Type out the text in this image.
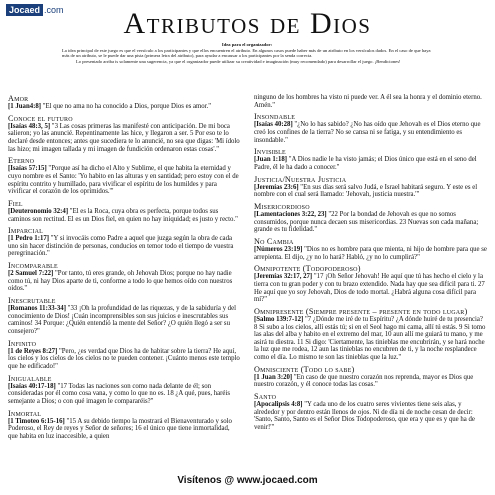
Jocaed .com	Atributos de Dios
Idea para el organizador:

La idea principal de este juego es que el versículo a los participantes y que ellos encuentren el atributo. En algunos casos puede haber más de un atributo en los versículos dados. En el caso de que haya más de un atributo, se le puede dar una pista (primera letra del atributo), para ayudar a encausar a los participantes por la senda correcta.

Lo presentado arriba is solamente una sugerencia, ya que el organizador puede utilizar su creatividad e imaginación (muy recomendado) para desarrollar el juego. ¡Bendiciones!

Amor
[1 Juan4:8] "El que no ama no ha conocido a Dios, porque Dios es amor."
Conoce el futuro
[Isaías 48:3, 5] "3 Las cosas primeras las manifesté con anticipación. De mi boca salieron; yo las anuncié. Repentinamente las hice, y llegaron a ser. 5 Por eso te lo declaré desde entonces; antes que sucediera te lo anuncié, no sea que digas: 'Mi ídolo las hizo; mi imagen tallada y mi imagen de fundición ordenaron estas cosas'."
Eterno
[Isaías 57:15] "Porque así ha dicho el Alto y Sublime, el que habita la eternidad y cuyo nombre es el Santo: 'Yo habito en las alturas y en santidad; pero estoy con el de espíritu contrito y humillado, para vivificar el espíritu de los humildes y para vivificar el corazón de los oprimidos.'"
Fiel
[Deuteronomio 32:4] "El es la Roca, cuya obra es perfecta, porque todos sus caminos son rectitud. El es un Dios fiel, en quien no hay iniquidad; es justo y recto."
Imparcial
[1 Pedro 1:17] "Y si invocáis como Padre a aquel que juzga según la obra de cada uno sin hacer distinción de personas, conducíos en temor todo el tiempo de vuestra peregrinación."
Incomparable
[2 Samuel 7:22] "Por tanto, tú eres grande, oh Jehovah Dios; porque no hay nadie como tú, ni hay Dios aparte de ti, conforme a todo lo que hemos oído con nuestros oídos."
Inescrutable
[Romanos 11:33-34] "33 ¡Oh la profundidad de las riquezas, y de la sabiduría y del conocimiento de Dios! ¡Cuán incomprensibles son sus juicios e inescrutables sus caminos! 34 Porque: ¿Quién entendió la mente del Señor? ¿O quién llegó a ser su consejero?"
Infinito
[1 de Reyes 8:27] "Pero, ¿es verdad que Dios ha de habitar sobre la tierra? He aquí, los cielos y los cielos de los cielos no te pueden contener. ¡Cuánto menos este templo que he edificado!"
Inigualable
[Isaías 40:17-18] "17 Todas las naciones son como nada delante de él; son consideradas por él como cosa vana, y como lo que no es. 18 ¿A qué, pues, haréis semejante a Dios; o con qué imagen le compararéis?"
Inmortal
[1 Timoteo 6:15-16] "15 A su debido tiempo la mostrará el Bienaventurado y solo Poderoso, el Rey de reyes y Señor de señores; 16 el único que tiene inmortalidad, que habita en luz inaccesible, a quien
ninguno de los hombres ha visto ni puede ver. A él sea la honra y el dominio eterno. Amén."
Insondable
[Isaías 40:28] "¿No lo has sabido? ¿No has oído que Jehovah es el Dios eterno que creó los confines de la tierra? No se cansa ni se fatiga, y su entendimiento es insondable."
Invisible
[Juan 1:18] "A Dios nadie le ha visto jamás; el Dios único que está en el seno del Padre, él le ha dado a conocer."
Justicia/Nuestra Justicia
[Jeremías 23:6] "En sus días será salvo Judá, e Israel habitará seguro. Y este es el nombre con el cual será llamado: 'Jehovah, justicia nuestra.'"
Misericordioso
[Lamentaciones 3:22, 23] "22 Por la bondad de Jehovah es que no somos consumidos, porque nunca decaen sus misericordias. 23 Nuevas son cada mañana; grande es tu fidelidad."
No Cambia
[Números 23:19] "Dios no es hombre para que mienta, ni hijo de hombre para que se arrepienta. El dijo, ¿y no lo hará? Habló, ¿y no lo cumplirá?"
Omnipotente (Todopoderoso)
[Jeremías 32:17, 27] "17 ¡Oh Señor Jehovah! He aquí que tú has hecho el cielo y la tierra con tu gran poder y con tu brazo extendido. Nada hay que sea difícil para ti. 27 He aquí que yo soy Jehovah, Dios de todo mortal. ¿Habrá alguna cosa difícil para mí?"
Omnipresente (Siempre presente – presente en todo lugar)
[Salmo 139:7-12] "7 ¿Dónde me iré de tu Espíritu? ¿A dónde huiré de tu presencia? 8 Si subo a los cielos, allí estás tú; si en el Seol hago mi cama, allí tú estás. 9 Si tomo las alas del alba y habito en el extremo del mar, 10 aun allí me guiará tu mano, y me asirá tu diestra. 11 Si digo: 'Ciertamente, las tinieblas me encubrirán, y se hará noche la luz que me rodea, 12 aun las tinieblas no encubren de ti, y la noche resplandece como el día. Lo mismo te son las tinieblas que la luz."
Omnisciente (Todo lo sabe)
[1 Juan 3:20] "En caso de que nuestro corazón nos reprenda, mayor es Dios que nuestro corazón, y él conoce todas las cosas."
Santo
[Apocalipsis 4:8] "Y cada uno de los cuatro seres vivientes tiene seis alas, y alrededor y por dentro están llenos de ojos. Ni de día ni de noche cesan de decir: 'Santo, Santo, Santo es el Señor Dios Todopoderoso, que era y que es y que ha de venir!'"
Visítenos @ www.jocaed.com
